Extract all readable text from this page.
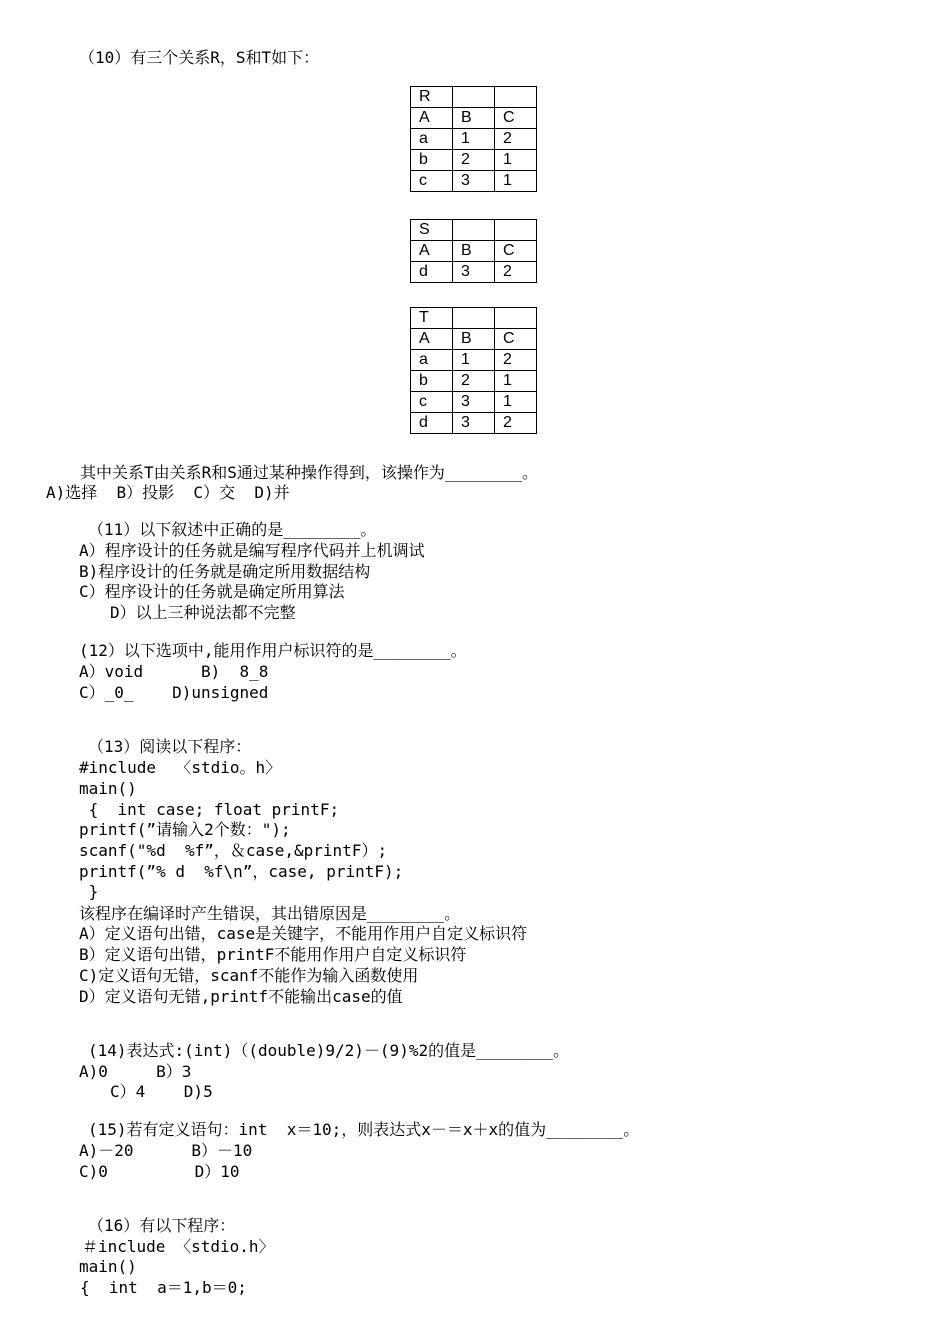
（10）有三个关系R，S和T如下：
R		
A	B	C
a	1	2
b	2	1
c	3	1
S		
A	B	C
d	3	2
T		
A	B	C
a	1	2
b	2	1
c	3	1
d	3	2
其中关系T由关系R和S通过某种操作得到，该操作为________。
A)选择  B）投影  C）交  D)并
（11）以下叙述中正确的是________。
A）程序设计的任务就是编写程序代码并上机调试
B)程序设计的任务就是确定所用数据结构
C）程序设计的任务就是确定所用算法
D）以上三种说法都不完整
(12）以下选项中,能用作用户标识符的是________。
A）void      B)  8_8
C）_0_    D)unsigned
（13）阅读以下程序：
#include  〈stdio。h〉
main()
{  int case; float printF;
printf(”请输入2个数：");
scanf("%d  %f”，＆case,&printF）;
printf(”% d  %f\n”，case, printF);
}
该程序在编译时产生错误，其出错原因是________。
A）定义语句出错，case是关键字，不能用作用户自定义标识符
B）定义语句出错，printF不能用作用户自定义标识符
C)定义语句无错，scanf不能作为输入函数使用
D）定义语句无错,printf不能输出case的值
(14)表达式:(int)（(double)9/2)－(9)%2的值是________。
A)0     B）3
C）4    D)5
(15)若有定义语句：int  x＝10;，则表达式x－＝x＋x的值为________。
A)－20      B）－10
C)0         D）10
（16）有以下程序：
＃include 〈stdio.h〉
main()
{  int  a＝1,b＝0;
